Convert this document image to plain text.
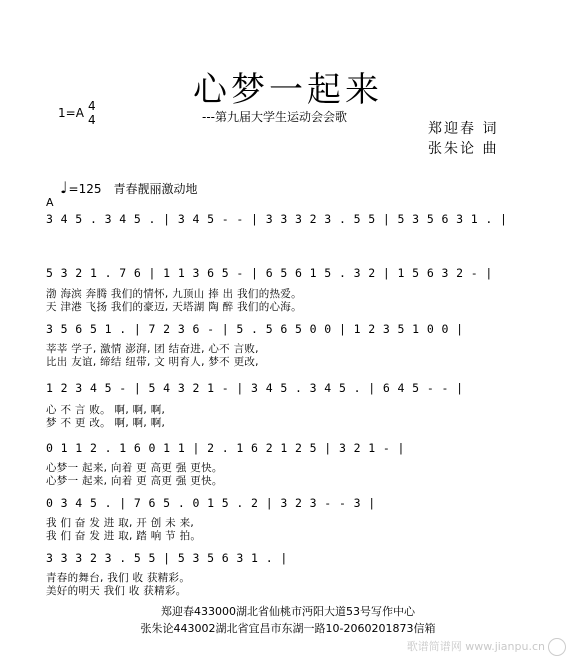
心梦一起来
---第九届大学生运动会会歌
1=A 4
4
郑迎春 词
张朱论 曲
♩=125 青春靓丽激动地
A
3 4 5 . 3 4 5 . | 3 4 5 - - | 3 3 3 2 3 . 5 5 | 5 3 5 6 3 1 . |
5 3 2 1 . 7 6 | 1 1 3 6 5 - | 6 5 6 1 5 . 3 2 | 1 5 6 3 2 - |
渤 海滨 奔腾 我们的情怀, 九顶山 捧 出 我们的热爱。
天 津港 飞扬 我们的豪迈, 天塔湖 陶 醉 我们的心海。
3 5 6 5 1 . | 7 2 3 6 - | 5 . 5 6 5 0 0 | 1 2 3 5 1 0 0 |
莘莘 学子, 激情 澎湃, 团 结奋进, 心不 言败,
比出 友谊, 缔结 纽带, 文 明育人, 梦不 更改,
1 2 3 4 5 - | 5 4 3 2 1 - | 3 4 5 . 3 4 5 . | 6 4 5 - - |
心 不 言 败。 啊, 啊, 啊,
梦 不 更 改。 啊, 啊, 啊,
0 1 1 2 . 1 6 0 1 1 | 2 . 1 6 2 1 2 5 | 3 2 1 - |
心梦一 起来, 向着 更 高更 强 更快。
心梦一 起来, 向着 更 高更 强 更快。
0 3 4 5 . | 7 6 5 . 0 1 5 . 2 | 3 2 3 - - 3 |
我 们 奋 发 进 取, 开 创 未 来,
我 们 奋 发 进 取, 踏 响 节 拍。
3 3 3 2 3 . 5 5 | 5 3 5 6 3 1 . |
青春的舞台, 我们 收 获精彩。
美好的明天 我们 收 获精彩。
郑迎春433000湖北省仙桃市沔阳大道53号写作中心
张朱论443002湖北省宜昌市东湖一路10-2060201873信箱
歌谱简谱网 www.jianpu.cn
